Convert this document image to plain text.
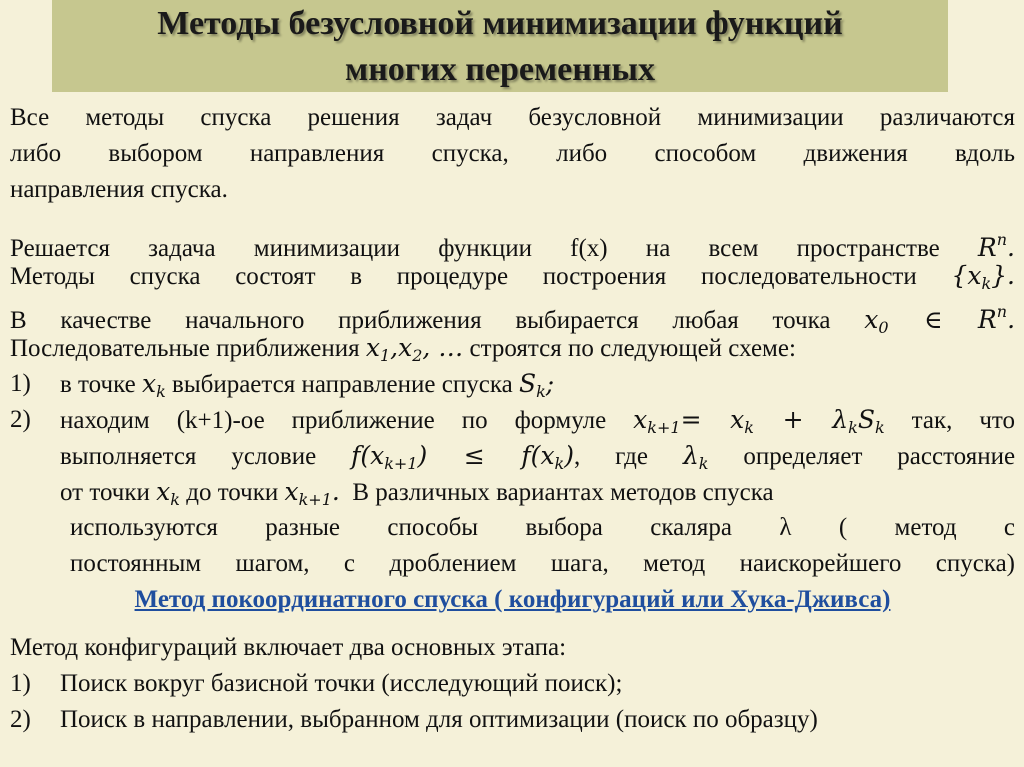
Методы безусловной минимизации функций
многих переменных
Все методы спуска решения задач безусловной минимизации различаются
либо выбором направления спуска, либо способом движения вдоль
направления спуска.
Решается задача минимизации функции f(x) на всем пространстве $R^n$.
Методы спуска состоят в процедуре построения последовательности $\{x_k\}$.
В качестве начального приближения выбирается любая точка $x_0$ ∈ $R^n$.
Последовательные приближения $x_1,x_2$, … строятся по следующей схеме:
1) в точке $x_k$ выбирается направление спуска $S_k$;
2) находим (k+1)-ое приближение по формуле $x_{k+1}= x_k + \lambda_kS_k$ так, что
выполняется условие $f(x_{k+1}) \le f(x_k)$, где $\lambda_k$ определяет расстояние
от точки $x_k$ до точки $x_{k+1}$. В различных вариантах методов спуска
используются разные способы выбора скаляра λ ( метод с
постоянным шагом, с дроблением шага, метод наискорейшего спуска)
Метод покоординатного спуска ( конфигураций или Хука-Дживса)
Метод конфигураций включает два основных этапа:
1) Поиск вокруг базисной точки (исследующий поиск);
2) Поиск в направлении, выбранном для оптимизации (поиск по образцу)
